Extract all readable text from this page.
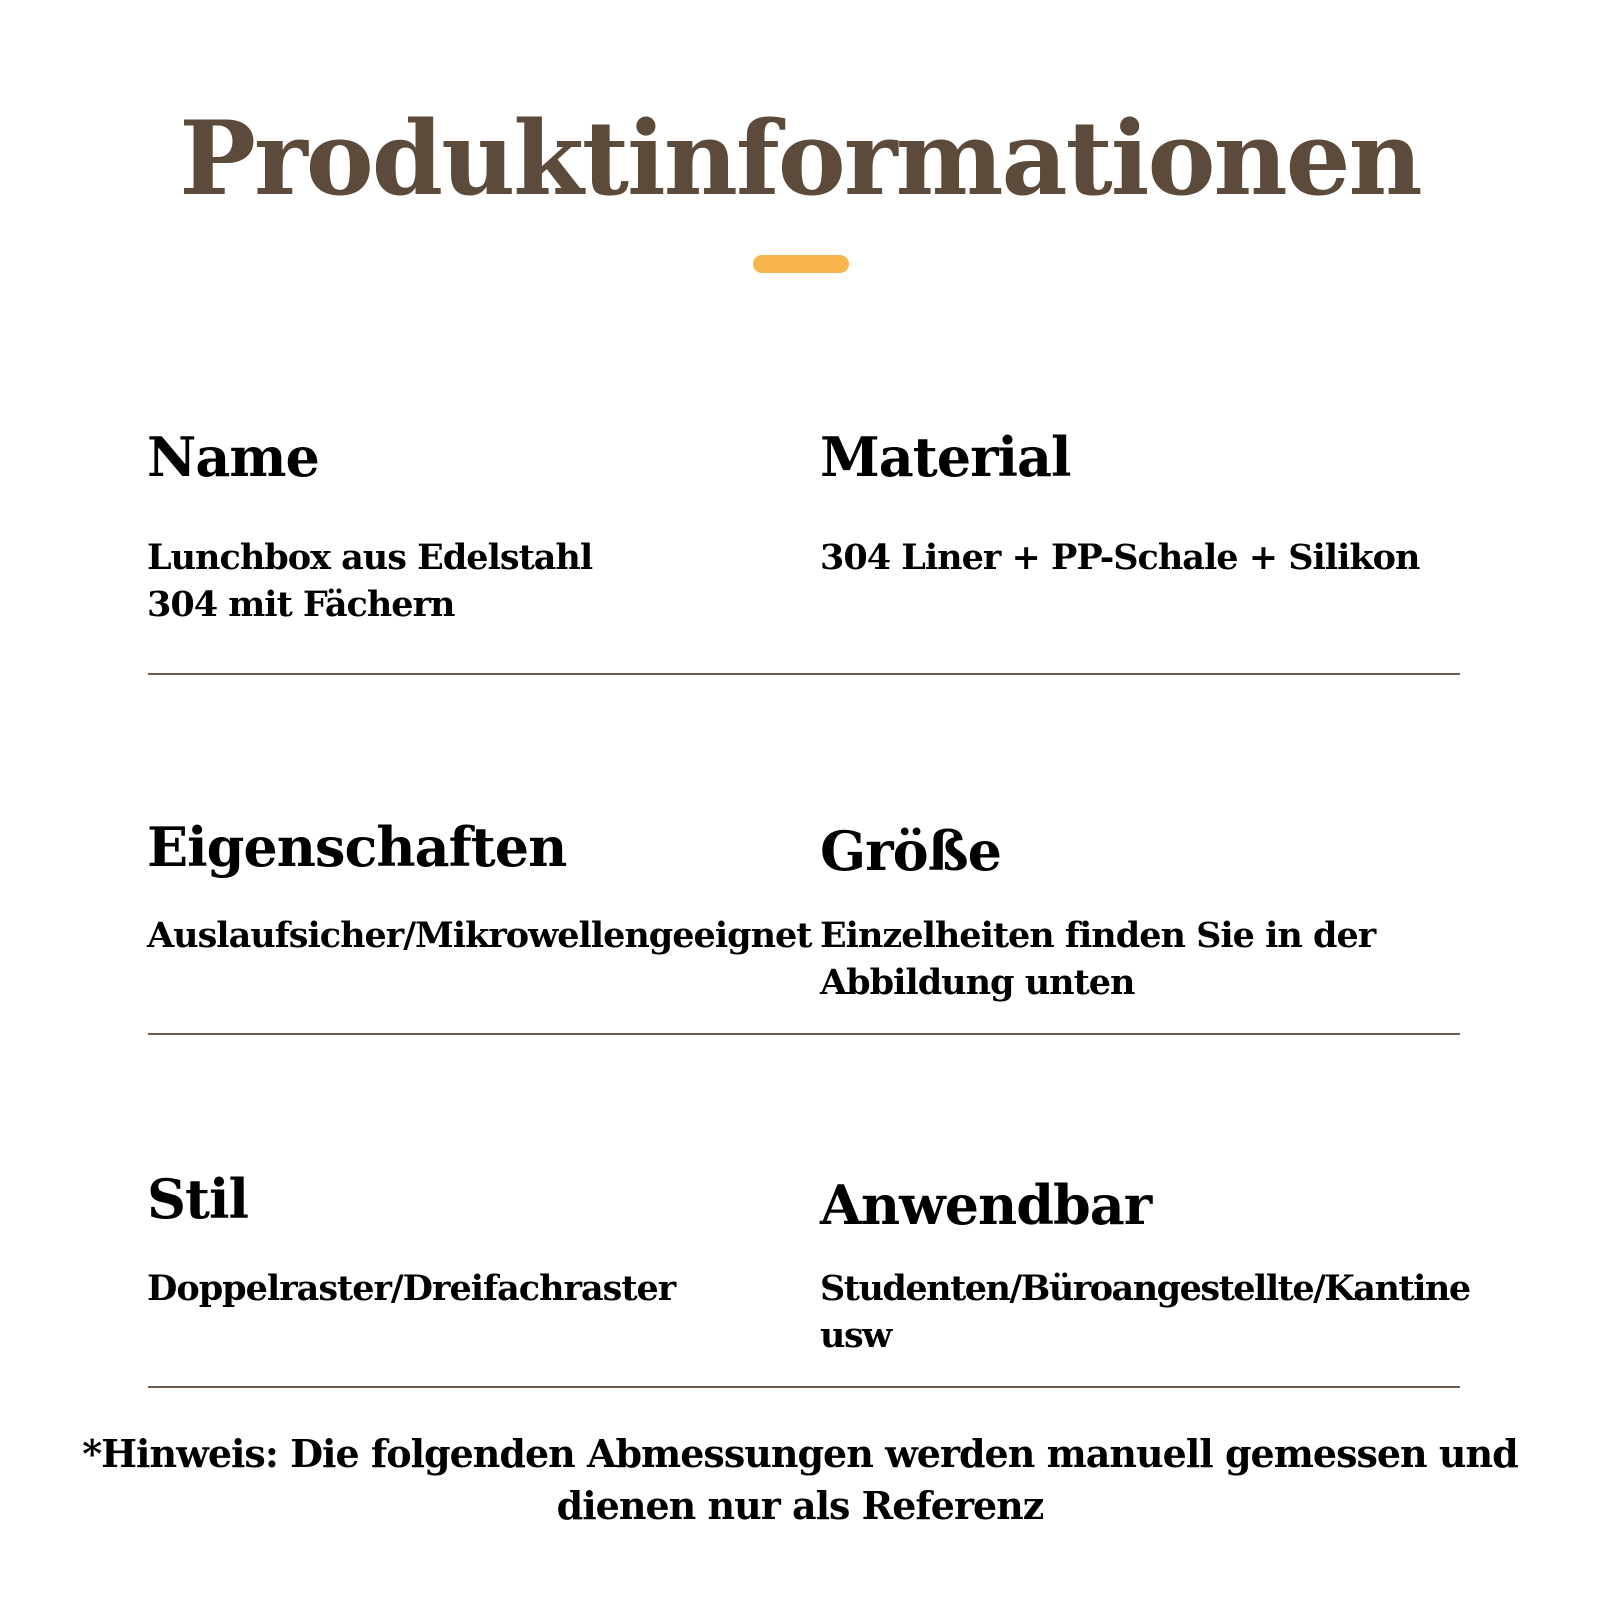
Produktinformationen
Name
Lunchbox aus Edelstahl
304 mit Fächern
Material
304 Liner + PP-Schale + Silikon
Eigenschaften
Auslaufsicher/Mikrowellengeeignet
Größe
Einzelheiten finden Sie in der
Abbildung unten
Stil
Doppelraster/Dreifachraster
Anwendbar
Studenten/Büroangestellte/Kantine usw
*Hinweis: Die folgenden Abmessungen werden manuell gemessen und
dienen nur als Referenz
